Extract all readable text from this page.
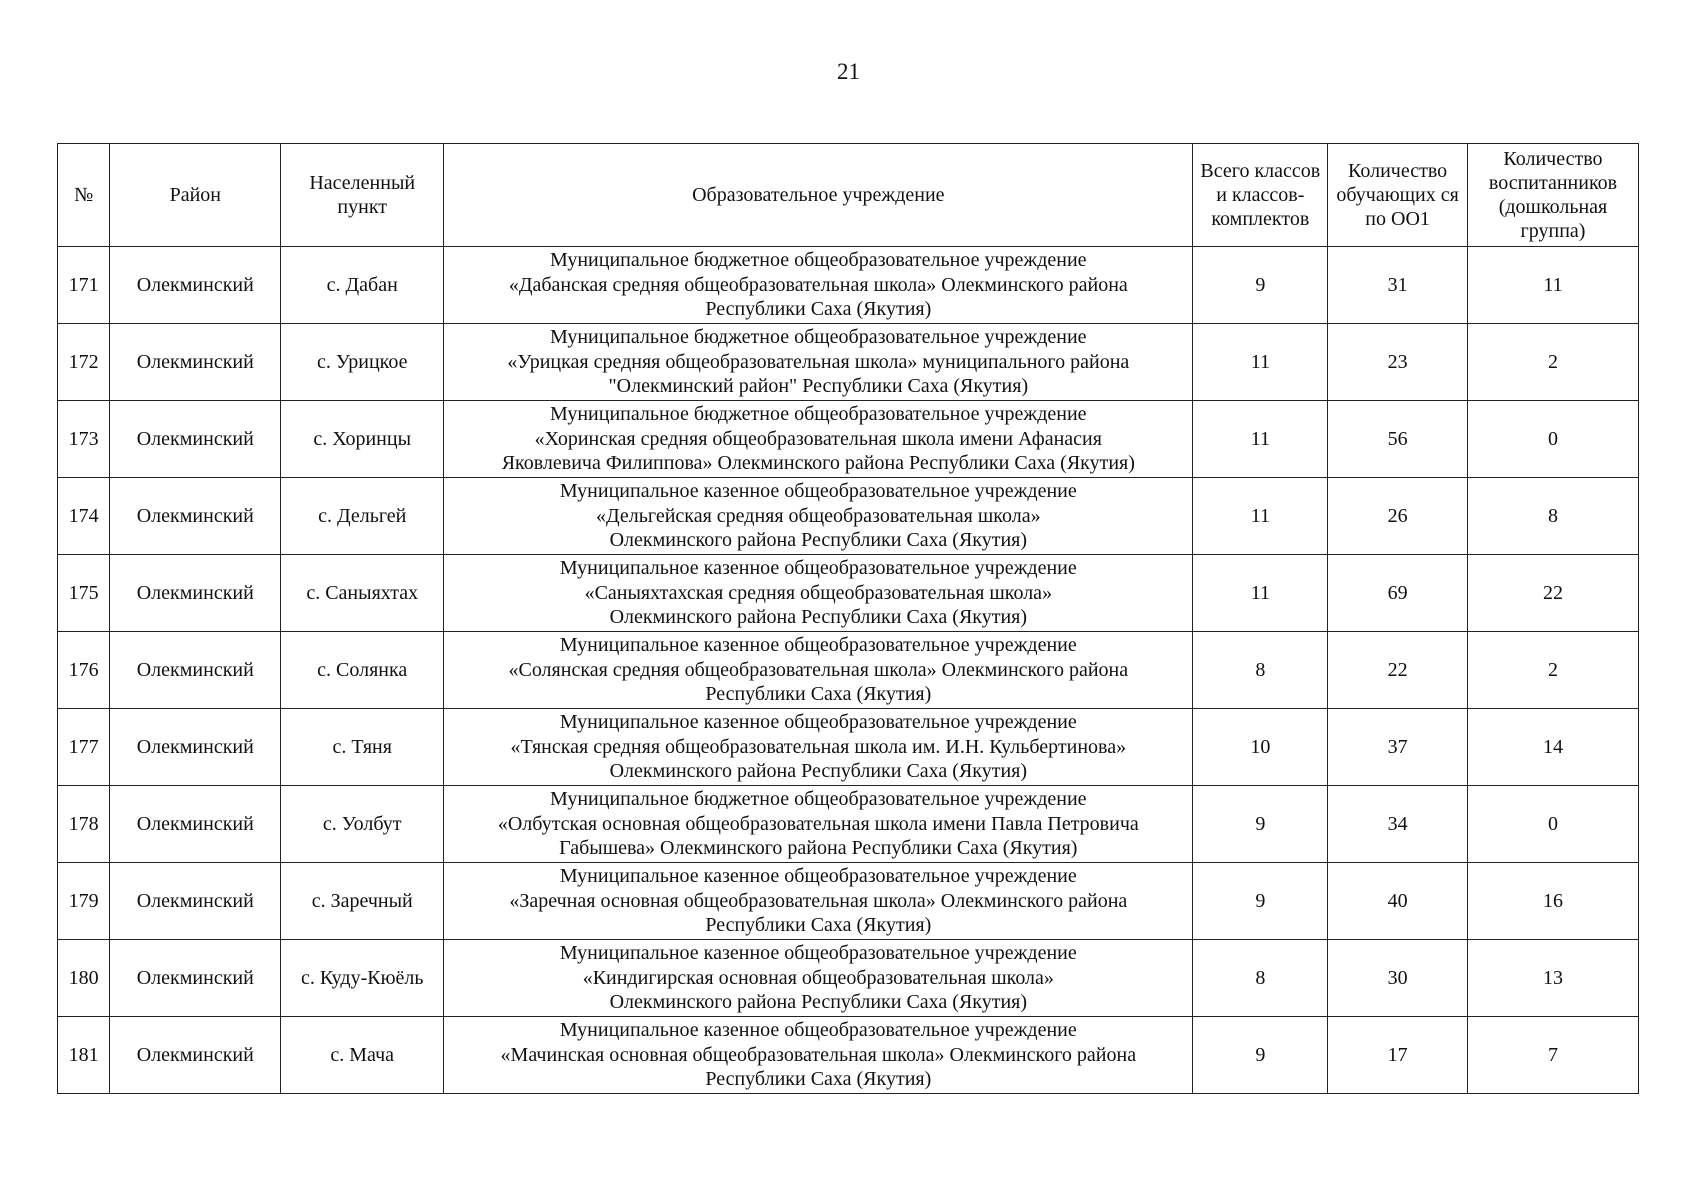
21
№	Район	Населенный пункт	Образовательное учреждение	Всего классов и классов-комплектов	Количество обучающих ся по ОО1	Количество воспитанников (дошкольная группа)
171	Олекминский	с. Дабан	Муниципальное бюджетное общеобразовательное учреждение
«Дабанская средняя общеобразовательная школа» Олекминского района
Республики Саха (Якутия)	9	31	11
172	Олекминский	с. Урицкое	Муниципальное бюджетное общеобразовательное учреждение
«Урицкая средняя общеобразовательная школа» муниципального района
"Олекминский район" Республики Саха (Якутия)	11	23	2
173	Олекминский	с. Хоринцы	Муниципальное бюджетное общеобразовательное учреждение
«Хоринская средняя общеобразовательная школа имени Афанасия
Яковлевича Филиппова» Олекминского района Республики Саха (Якутия)	11	56	0
174	Олекминский	с. Дельгей	Муниципальное казенное общеобразовательное учреждение
«Дельгейская средняя общеобразовательная школа»
Олекминского района Республики Саха (Якутия)	11	26	8
175	Олекминский	с. Саныяхтах	Муниципальное казенное общеобразовательное учреждение
«Саныяхтахская средняя общеобразовательная школа»
Олекминского района Республики Саха (Якутия)	11	69	22
176	Олекминский	с. Солянка	Муниципальное казенное общеобразовательное учреждение
«Солянская средняя общеобразовательная школа» Олекминского района
Республики Саха (Якутия)	8	22	2
177	Олекминский	с. Тяня	Муниципальное казенное общеобразовательное учреждение
«Тянская средняя общеобразовательная школа им. И.Н. Кульбертинова»
Олекминского района Республики Саха (Якутия)	10	37	14
178	Олекминский	с. Уолбут	Муниципальное бюджетное общеобразовательное учреждение
«Олбутская основная общеобразовательная школа имени Павла Петровича
Габышева» Олекминского района Республики Саха (Якутия)	9	34	0
179	Олекминский	с. Заречный	Муниципальное казенное общеобразовательное учреждение
«Заречная основная общеобразовательная школа» Олекминского района
Республики Саха (Якутия)	9	40	16
180	Олекминский	с. Куду-Кюёль	Муниципальное казенное общеобразовательное учреждение
«Киндигирская основная общеобразовательная школа»
Олекминского района Республики Саха (Якутия)	8	30	13
181	Олекминский	с. Мача	Муниципальное казенное общеобразовательное учреждение
«Мачинская основная общеобразовательная школа» Олекминского района
Республики Саха (Якутия)	9	17	7
